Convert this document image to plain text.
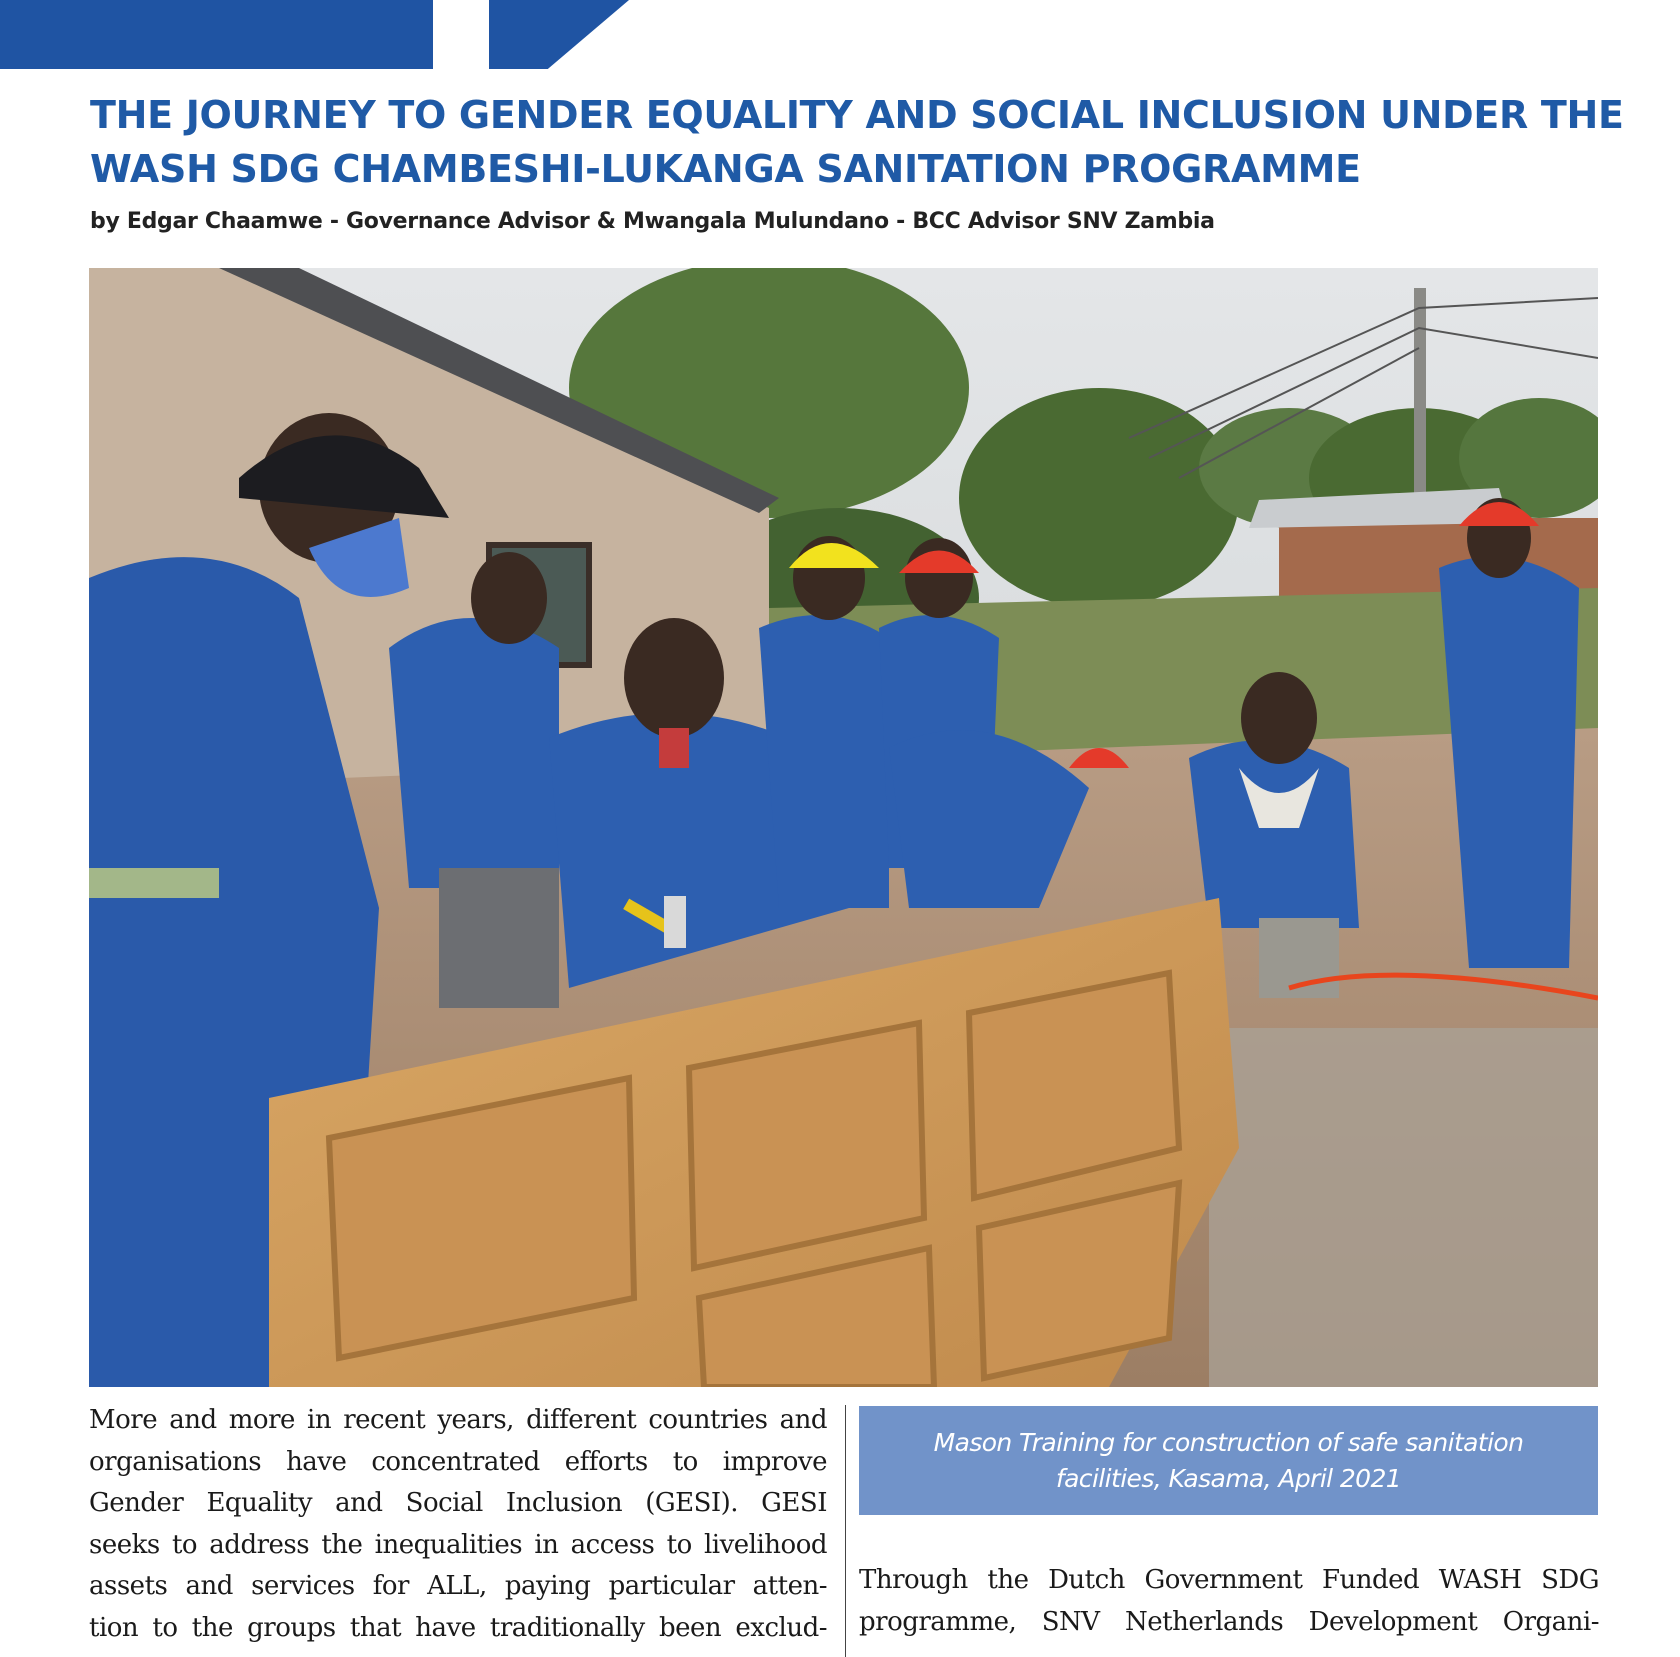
THE JOURNEY TO GENDER EQUALITY AND SOCIAL INCLUSION UNDER THE
WASH SDG CHAMBESHI-LUKANGA SANITATION PROGRAMME

by Edgar Chaamwe - Governance Advisor & Mwangala Mulundano - BCC Advisor SNV Zambia

More and more in recent years, different countries and
organisations have concentrated efforts to improve
Gender Equality and Social Inclusion (GESI). GESI
seeks to address the inequalities in access to livelihood
assets and services for ALL, paying particular atten-
tion to the groups that have traditionally been exclud-

Mason Training for construction of safe sanitation facilities, Kasama, April 2021

Through the Dutch Government Funded WASH SDG
programme, SNV Netherlands Development Organi-
